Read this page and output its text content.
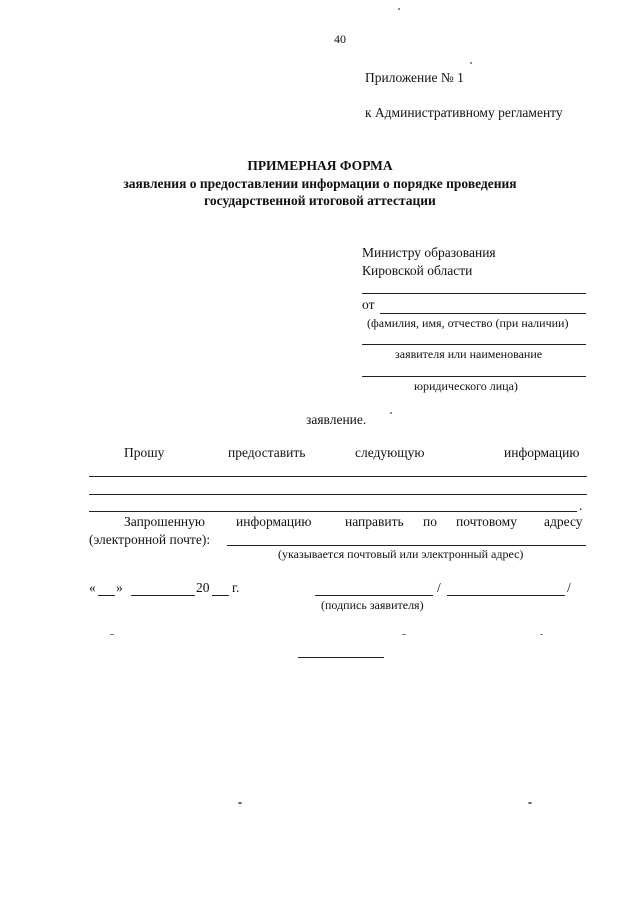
40
Приложение № 1
к Административному регламенту
ПРИМЕРНАЯ ФОРМА
заявления о предоставлении информации о порядке проведения
государственной итоговой аттестации
Министру образования
Кировской области
от
(фамилия, имя, отчество (при наличии)
заявителя или наименование
юридического лица)
заявление.
Прошу	предоставить	следующую	информацию
.
Запрошенную информацию направить по почтовому адресу
(электронной почте):
(указывается почтовый или электронный адрес)
« »	20 г.	/	/
(подпись заявителя)
